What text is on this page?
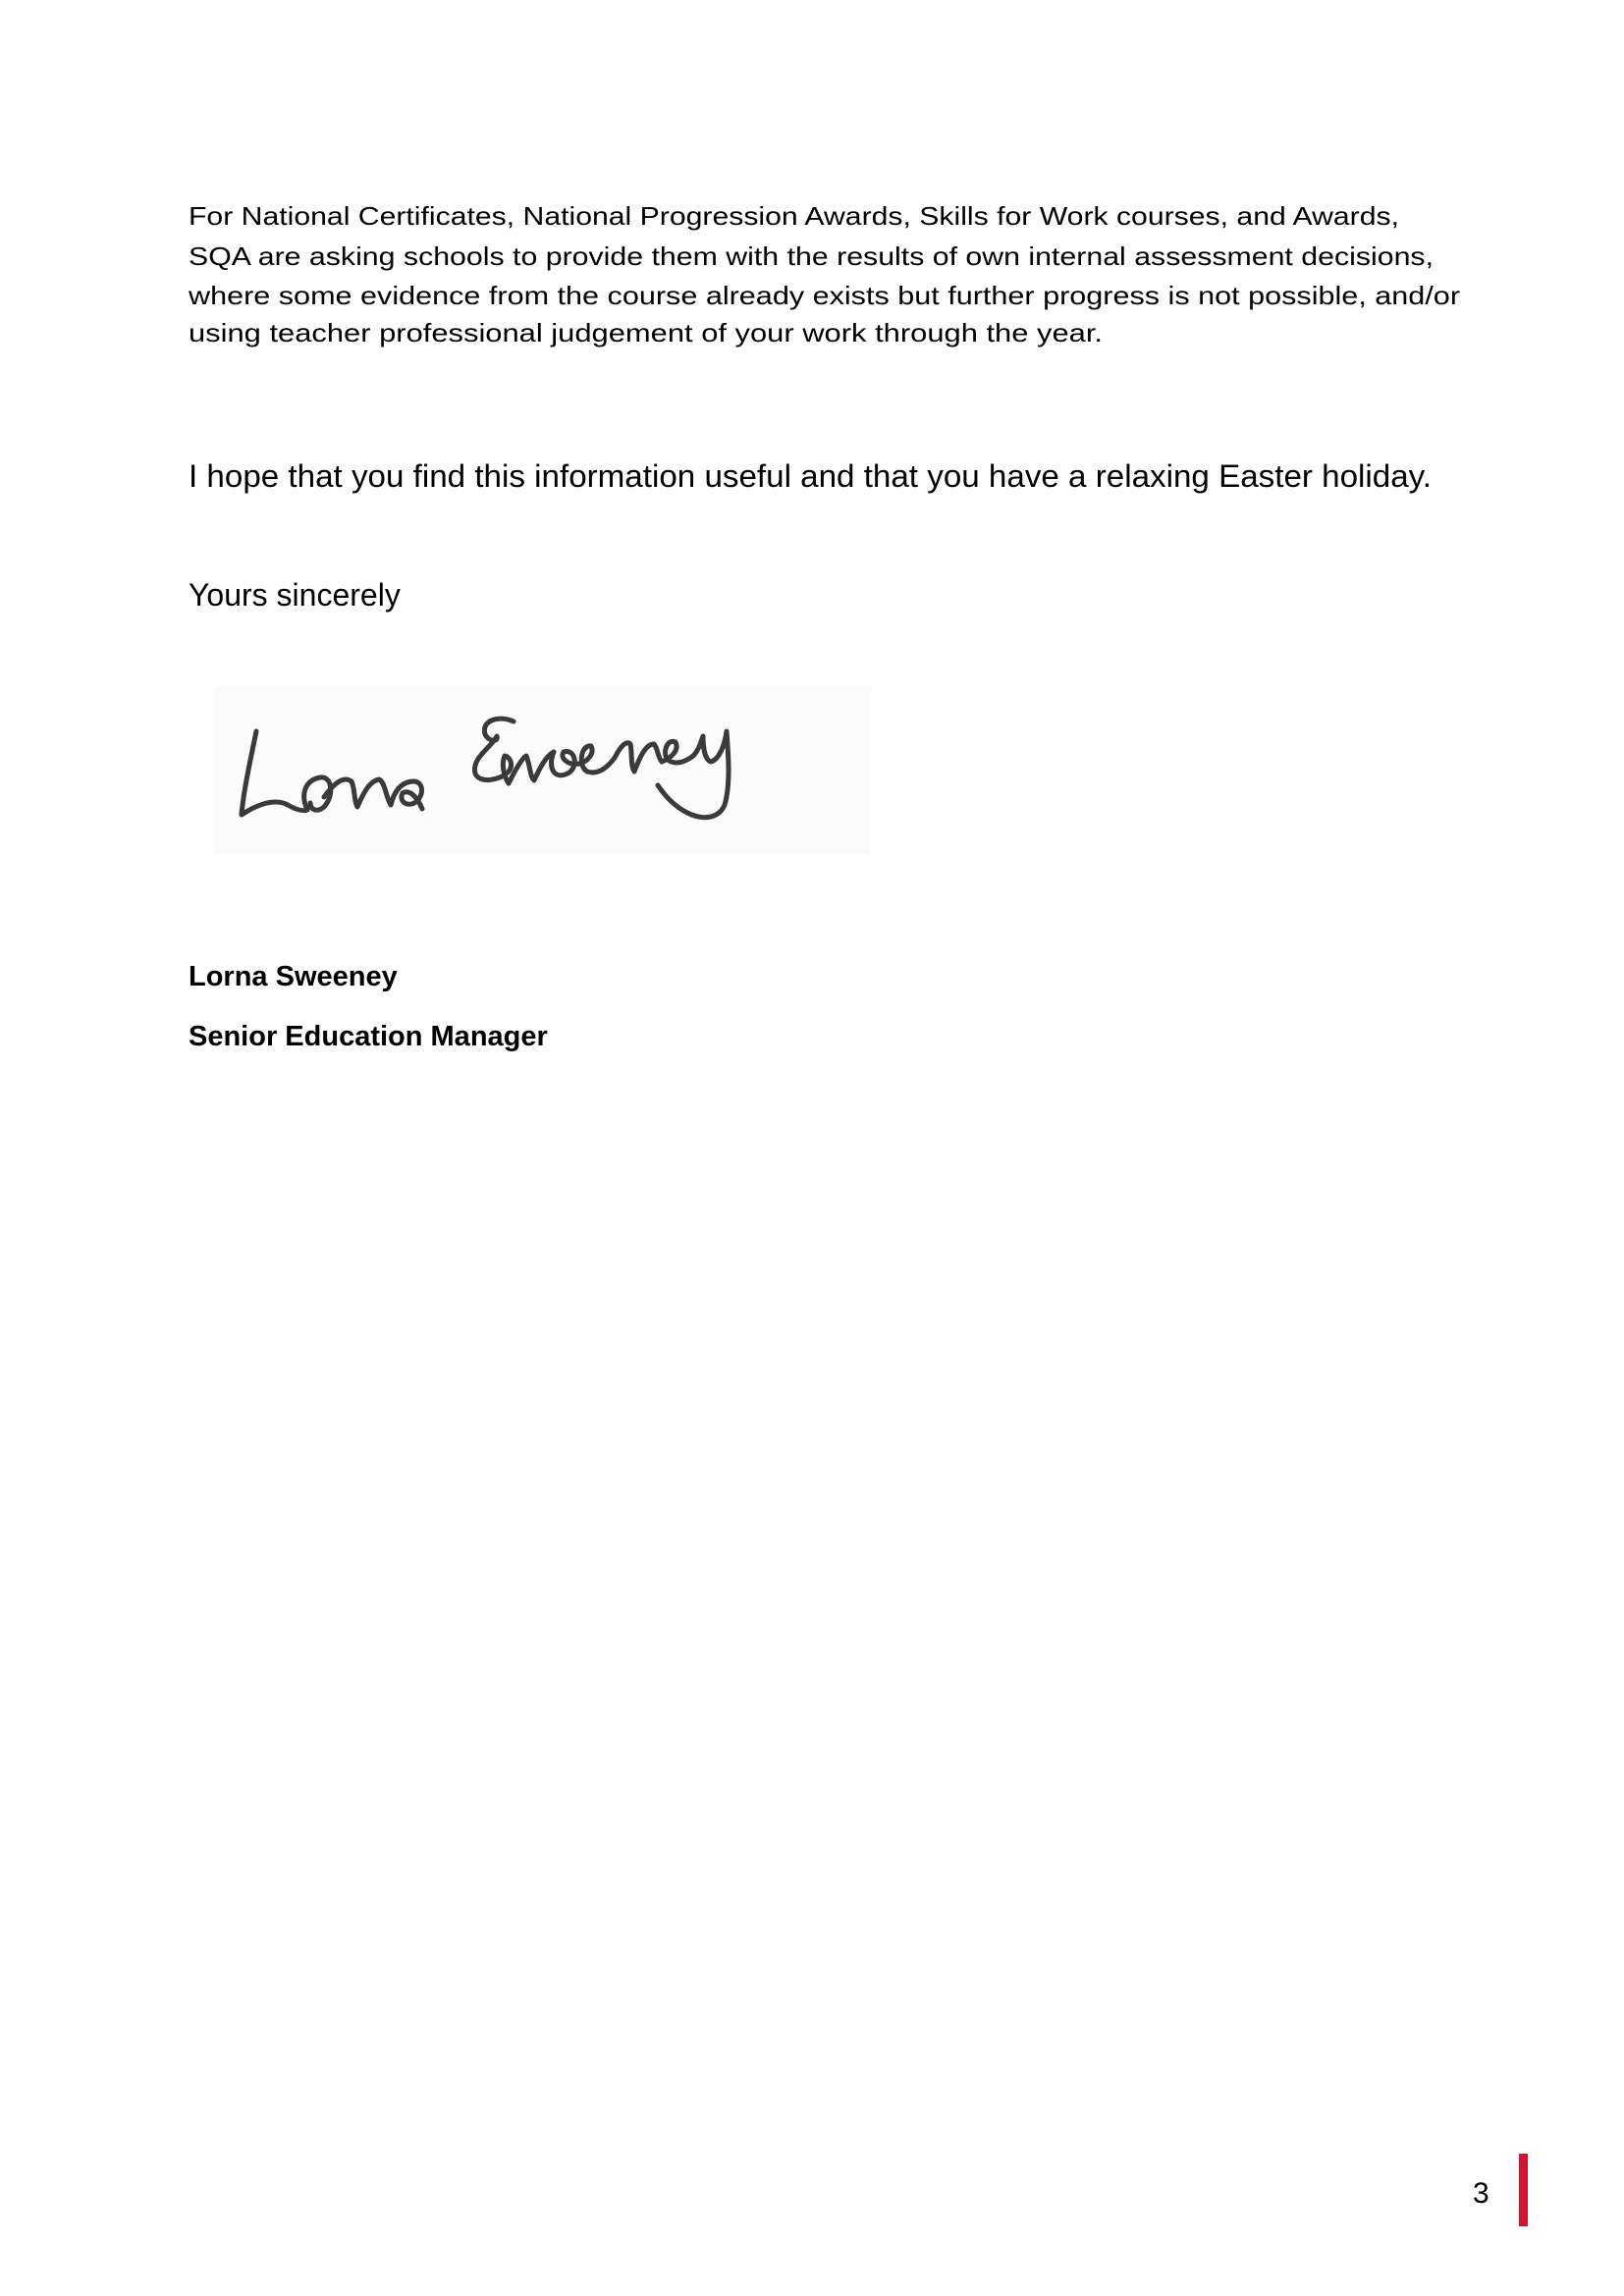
For National Certificates, National Progression Awards, Skills for Work courses, and Awards,

SQA are asking schools to provide them with the results of own internal assessment decisions,

where some evidence from the course already exists but further progress is not possible, and/or

using teacher professional judgement of your work through the year.

I hope that you find this information useful and that you have a relaxing Easter holiday.

Yours sincerely

Lorna Sweeney

Senior Education Manager

3
